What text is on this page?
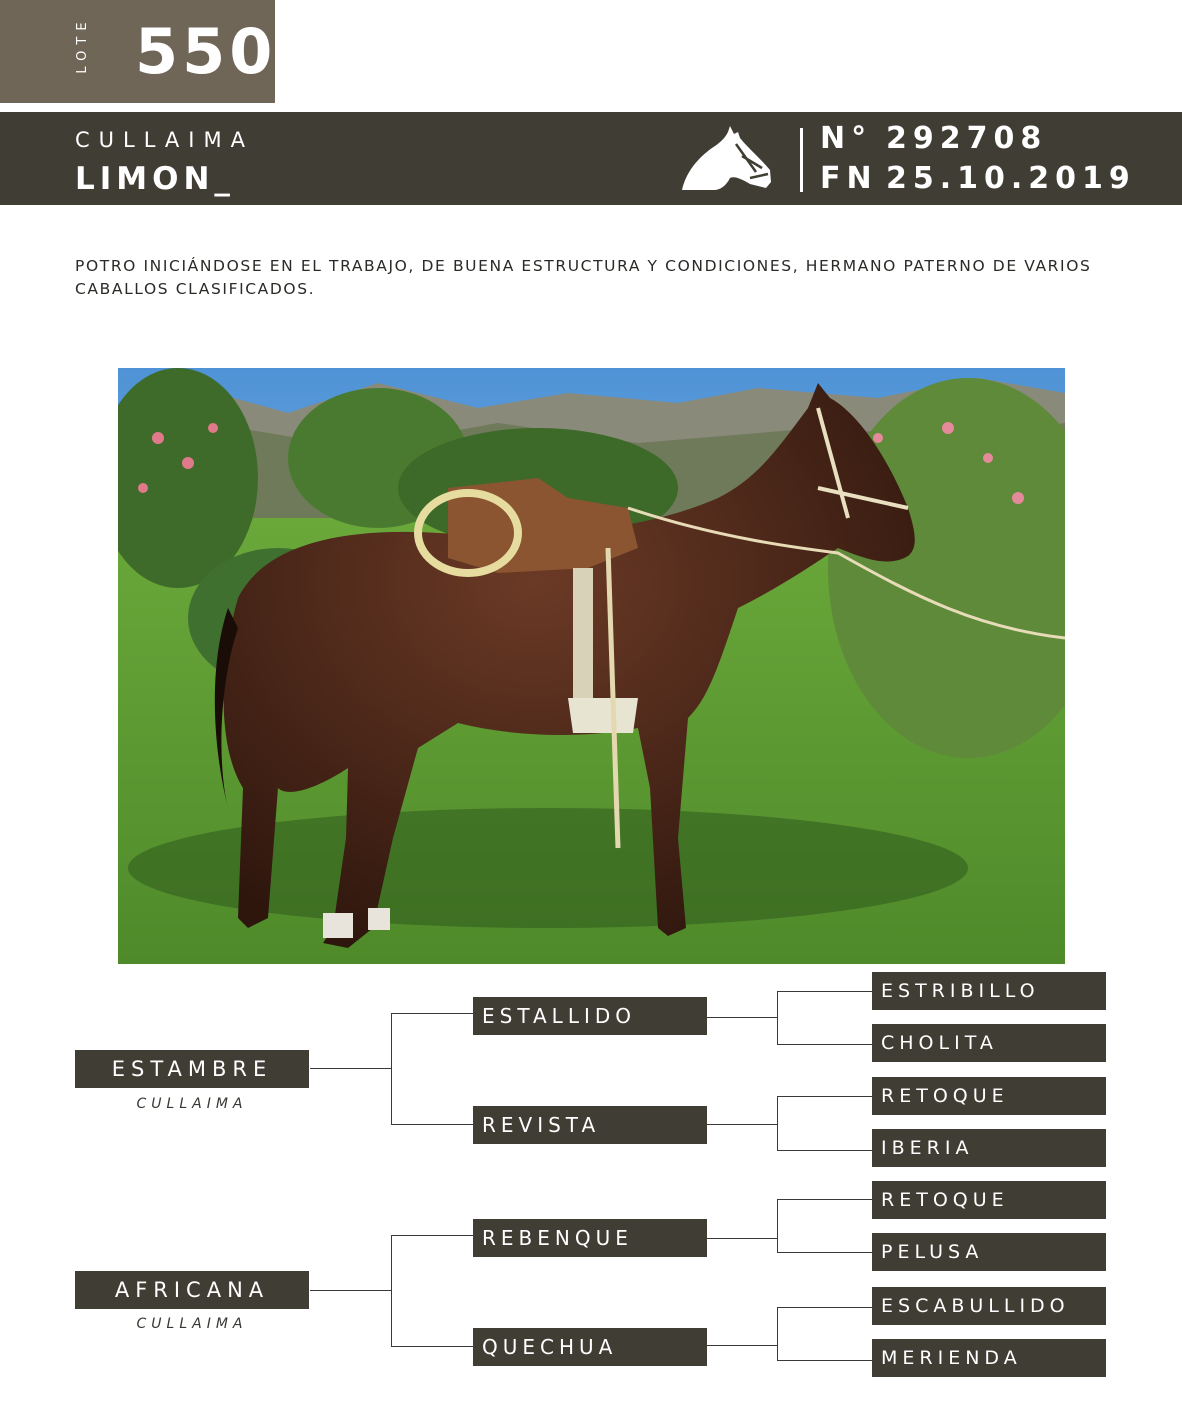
LOTE 550
CULLAIMA
LIMON_
N° 292708
FN 25.10.2019
POTRO INICIÁNDOSE EN EL TRABAJO, DE BUENA ESTRUCTURA Y CONDICIONES, HERMANO PATERNO DE VARIOS CABALLOS CLASIFICADOS.
ESTAMBRE
CULLAIMA
AFRICANA
CULLAIMA
ESTALLIDO
REVISTA
REBENQUE
QUECHUA
ESTRIBILLO
CHOLITA
RETOQUE
IBERIA
RETOQUE
PELUSA
ESCABULLIDO
MERIENDA
